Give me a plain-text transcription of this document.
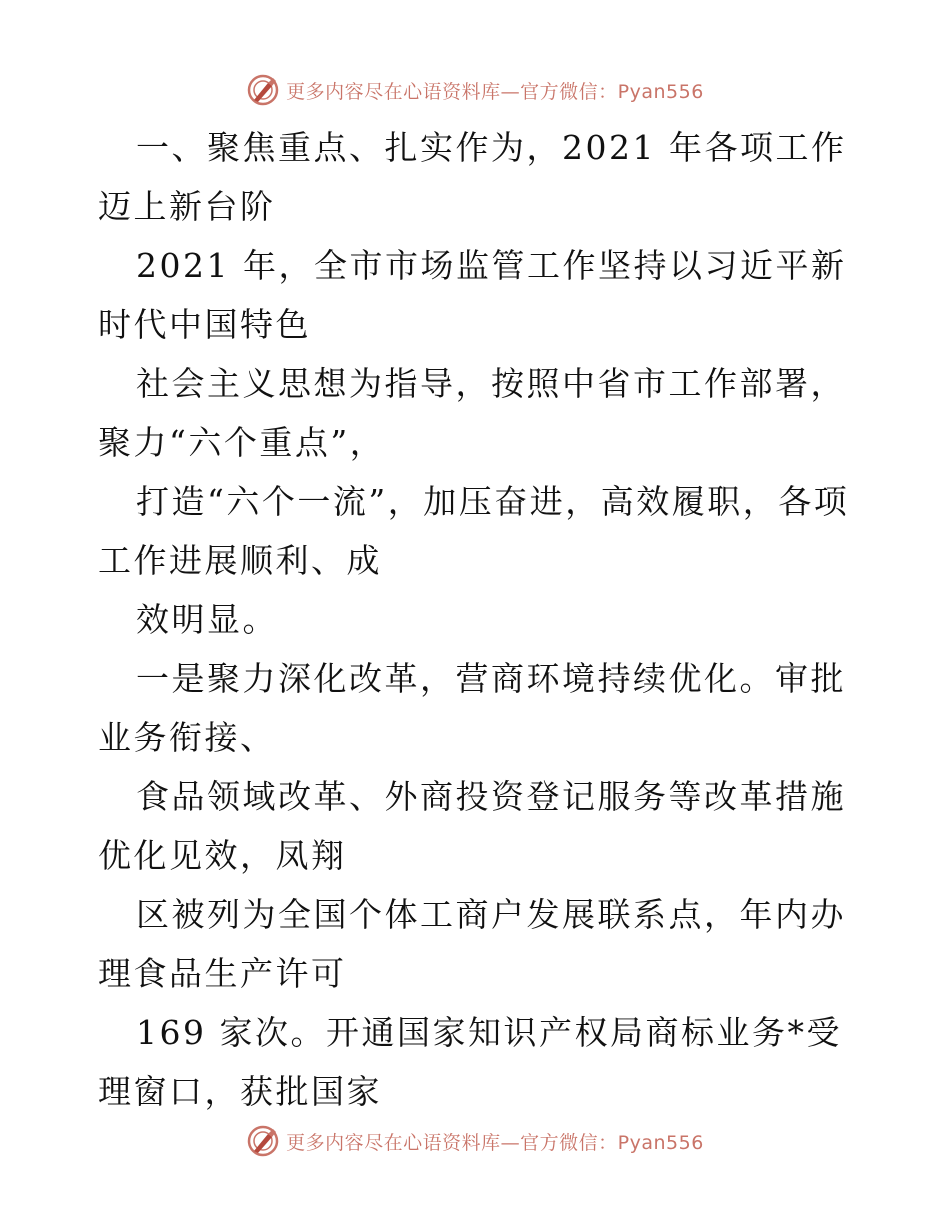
更多内容尽在心语资料库—官方微信：Pyan556

一、聚焦重点、扎实作为，2021 年各项工作迈上新台阶

2021 年，全市市场监管工作坚持以习近平新时代中国特色

社会主义思想为指导，按照中省市工作部署，聚力“六个重点”，

打造“六个一流”，加压奋进，高效履职，各项工作进展顺利、成

效明显。

一是聚力深化改革，营商环境持续优化。审批业务衔接、

食品领域改革、外商投资登记服务等改革措施优化见效，凤翔

区被列为全国个体工商户发展联系点，年内办理食品生产许可

169 家次。开通国家知识产权局商标业务*受理窗口，获批国家

更多内容尽在心语资料库—官方微信：Pyan556
